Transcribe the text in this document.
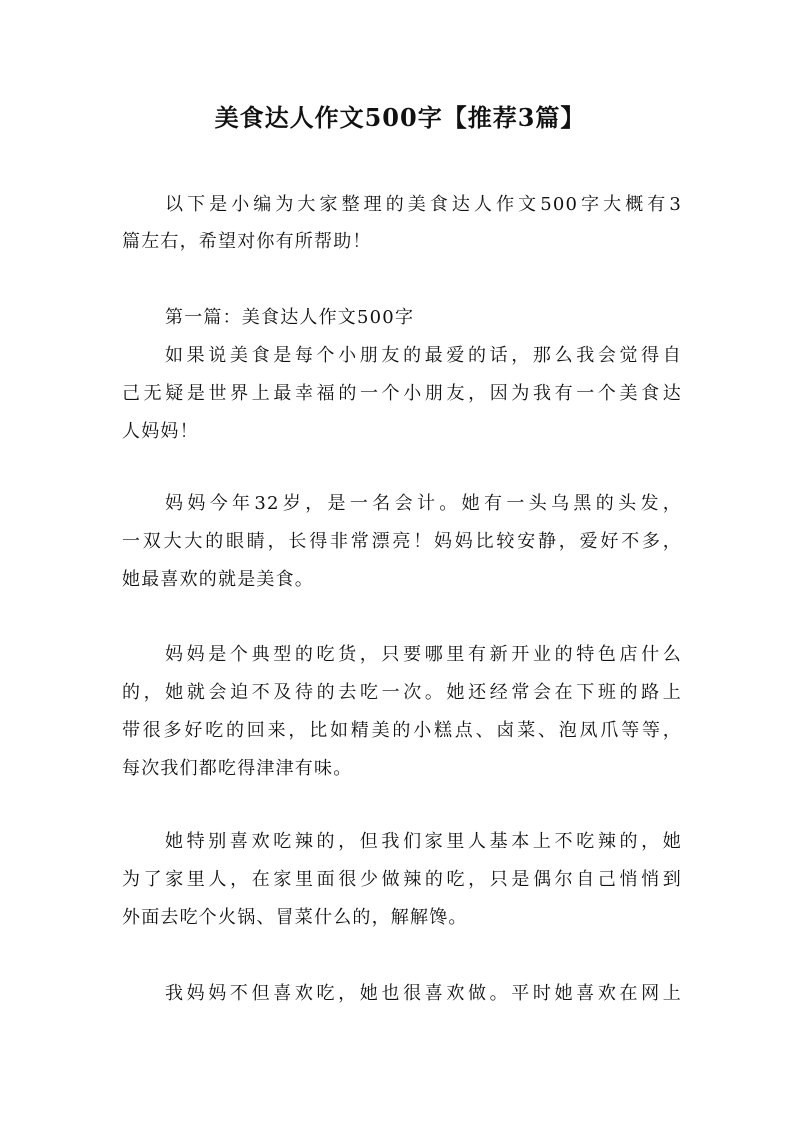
美食达人作文500字【推荐3篇】

以下是小编为大家整理的美食达人作文500字大概有3

篇左右，希望对你有所帮助！

第一篇：美食达人作文500字

如果说美食是每个小朋友的最爱的话，那么我会觉得自

己无疑是世界上最幸福的一个小朋友，因为我有一个美食达

人妈妈！

妈妈今年32岁，是一名会计。她有一头乌黑的头发，

一双大大的眼睛，长得非常漂亮！妈妈比较安静，爱好不多，

她最喜欢的就是美食。

妈妈是个典型的吃货，只要哪里有新开业的特色店什么

的，她就会迫不及待的去吃一次。她还经常会在下班的路上

带很多好吃的回来，比如精美的小糕点、卤菜、泡凤爪等等，

每次我们都吃得津津有味。

她特别喜欢吃辣的，但我们家里人基本上不吃辣的，她

为了家里人，在家里面很少做辣的吃，只是偶尔自己悄悄到

外面去吃个火锅、冒菜什么的，解解馋。

我妈妈不但喜欢吃，她也很喜欢做。平时她喜欢在网上
